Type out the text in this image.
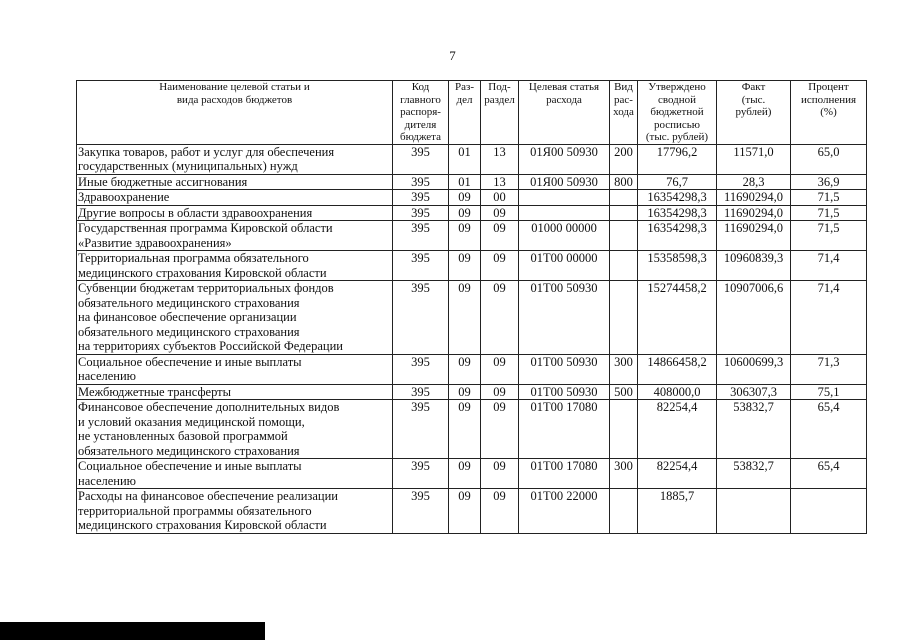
7
Наименование целевой статьи и
вида расходов бюджетов	Код
главного
распоря-
дителя
бюджета	Раз-
дел	Под-
раздел	Целевая статья
расхода	Вид
рас-
хода	Утверждено
сводной
бюджетной
росписью
(тыс. рублей)	Факт
(тыс.
рублей)	Процент
исполнения
(%)

Закупка товаров, работ и услуг для обеспечения
государственных (муниципальных) нужд	395	01	13	01Я00 50930	200	17796,2	11571,0	65,0

Иные бюджетные ассигнования	395	01	13	01Я00 50930	800	76,7	28,3	36,9

Здравоохранение	395	09	00			16354298,3	11690294,0	71,5

Другие вопросы в области здравоохранения	395	09	09			16354298,3	11690294,0	71,5

Государственная программа Кировской области
«Развитие здравоохранения»	395	09	09	01000 00000		16354298,3	11690294,0	71,5

Территориальная программа обязательного
медицинского страхования Кировской области	395	09	09	01Т00 00000		15358598,3	10960839,3	71,4

Субвенции бюджетам территориальных фондов
обязательного медицинского страхования
на финансовое обеспечение организации
обязательного медицинского страхования
на территориях субъектов Российской Федерации	395	09	09	01Т00 50930		15274458,2	10907006,6	71,4

Социальное обеспечение и иные выплаты
населению	395	09	09	01Т00 50930	300	14866458,2	10600699,3	71,3

Межбюджетные трансферты	395	09	09	01Т00 50930	500	408000,0	306307,3	75,1

Финансовое обеспечение дополнительных видов
и условий оказания медицинской помощи,
не установленных базовой программой
обязательного медицинского страхования	395	09	09	01Т00 17080		82254,4	53832,7	65,4

Социальное обеспечение и иные выплаты
населению	395	09	09	01Т00 17080	300	82254,4	53832,7	65,4

Расходы на финансовое обеспечение реализации
территориальной программы обязательного
медицинского страхования Кировской области	395	09	09	01Т00 22000		1885,7		
